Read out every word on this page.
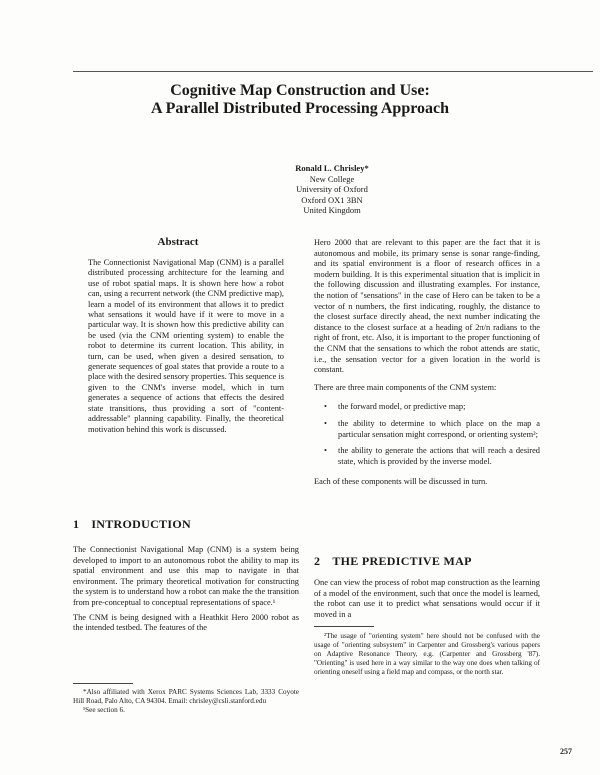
Cognitive Map Construction and Use:
A Parallel Distributed Processing Approach
Ronald L. Chrisley*
New College
University of Oxford
Oxford OX1 3BN
United Kingdom
Abstract

The Connectionist Navigational Map (CNM) is a parallel distributed processing architecture for the learning and use of robot spatial maps. It is shown here how a robot can, using a recurrent network (the CNM predictive map), learn a model of its environment that allows it to predict what sensations it would have if it were to move in a particular way. It is shown how this predictive ability can be used (via the CNM orienting system) to enable the robot to determine its current location. This ability, in turn, can be used, when given a desired sensation, to generate sequences of goal states that provide a route to a place with the desired sensory properties. This sequence is given to the CNM's inverse model, which in turn generates a sequence of actions that effects the desired state transitions, thus providing a sort of "content-addressable" planning capability. Finally, the theoretical motivation behind this work is discussed.

1 INTRODUCTION

The Connectionist Navigational Map (CNM) is a system being developed to import to an autonomous robot the ability to map its spatial environment and use this map to navigate in that environment. The primary theoretical motivation for constructing the system is to understand how a robot can make the the transition from pre-conceptual to conceptual representations of space.¹

The CNM is being designed with a Heathkit Hero 2000 robot as the intended testbed. The features of the

*Also affiliated with Xerox PARC Systems Sciences Lab, 3333 Coyote Hill Road, Palo Alto, CA 94304. Email: chrisley@csli.stanford.edu

¹See section 6.

Hero 2000 that are relevant to this paper are the fact that it is autonomous and mobile, its primary sense is sonar range-finding, and its spatial environment is a floor of research offices in a modern building. It is this experimental situation that is implicit in the following discussion and illustrating examples. For instance, the notion of "sensations" in the case of Hero can be taken to be a vector of n numbers, the first indicating, roughly, the distance to the closest surface directly ahead, the next number indicating the distance to the closest surface at a heading of 2π/n radians to the right of front, etc. Also, it is important to the proper functioning of the CNM that the sensations to which the robot attends are static, i.e., the sensation vector for a given location in the world is constant.

There are three main components of the CNM system:

• the forward model, or predictive map;
• the ability to determine to which place on the map a particular sensation might correspond, or orienting system²;
• the ability to generate the actions that will reach a desired state, which is provided by the inverse model.

Each of these components will be discussed in turn.

2 THE PREDICTIVE MAP

One can view the process of robot map construction as the learning of a model of the environment, such that once the model is learned, the robot can use it to predict what sensations would occur if it moved in a

²The usage of "orienting system" here should not be confused with the usage of "orienting subsystem" in Carpenter and Grossberg's various papers on Adaptive Resonance Theory, e.g. (Carpenter and Grossberg '87). "Orienting" is used here in a way similar to the way one does when talking of orienting oneself using a field map and compass, or the north star.

257
